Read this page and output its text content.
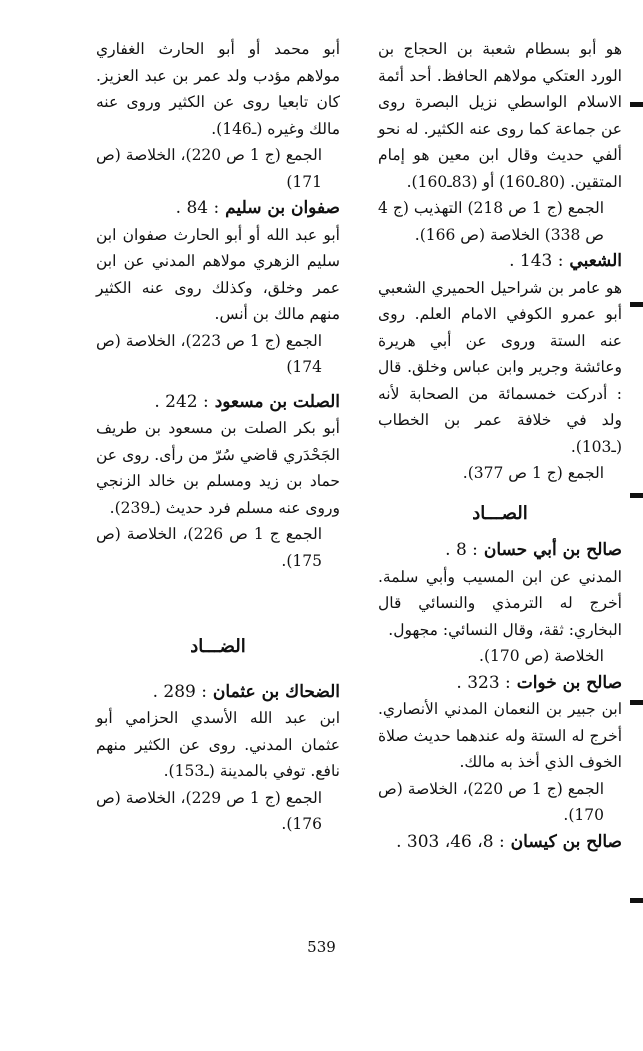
هو أبو بسطام شعبة بن الحجاج بن الورد العتكي مولاهم الحافظ. أحد أئمة الاسلام الواسطي نزيل البصرة روى عن جماعة كما روى عنه الكثير. له نحو ألفي حديث وقال ابن معين هو إمام المتقين. (80ـ160) أو (83ـ160).

الجمع (ج 1 ص 218) التهذيب (ج 4 ص 338) الخلاصة (ص 166).

الشعبي : 143 .

هو عامر بن شراحيل الحميري الشعبي أبو عمرو الكوفي الامام العلم. روى عنه الستة وروى عن أبي هريرة وعائشة وجرير وابن عباس وخلق. قال : أدركت خمسمائة من الصحابة لأنه ولد في خلافة عمر بن الخطاب (ـ103).

الجمع (ج 1 ص 377).

الصـــاد

صالح بن أبي حسان : 8 .

المدني عن ابن المسيب وأبي سلمة. أخرج له الترمذي والنسائي قال البخاري: ثقة، وقال النسائي: مجهول.

الخلاصة (ص 170).

صالح بن خوات : 323 .

ابن جبير بن النعمان المدني الأنصاري. أخرج له الستة وله عندهما حديث صلاة الخوف الذي أخذ به مالك.

الجمع (ج 1 ص 220)، الخلاصة (ص 170).

صالح بن كيسان : 8، 46، 303 .

أبو محمد أو أبو الحارث الغفاري مولاهم مؤدب ولد عمر بن عبد العزيز. كان تابعيا روى عن الكثير وروى عنه مالك وغيره (ـ146).

الجمع (ج 1 ص 220)، الخلاصة (ص 171)

صفوان بن سليم : 84 .

أبو عبد الله أو أبو الحارث صفوان ابن سليم الزهري مولاهم المدني عن ابن عمر وخلق، وكذلك روى عنه الكثير منهم مالك بن أنس.

الجمع (ج 1 ص 223)، الخلاصة (ص 174)

الصلت بن مسعود : 242 .

أبو بكر الصلت بن مسعود بن طريف الجَحْدَري قاضي سُرّ من رأى. روى عن حماد بن زيد ومسلم بن خالد الزنجي وروى عنه مسلم فرد حديث (ـ239).

الجمع ج 1 ص 226)، الخلاصة (ص 175).

الضـــاد

الضحاك بن عثمان : 289 .

ابن عبد الله الأسدي الحزامي أبو عثمان المدني. روى عن الكثير منهم نافع. توفي بالمدينة (ـ153).

الجمع (ج 1 ص 229)، الخلاصة (ص 176).

539
